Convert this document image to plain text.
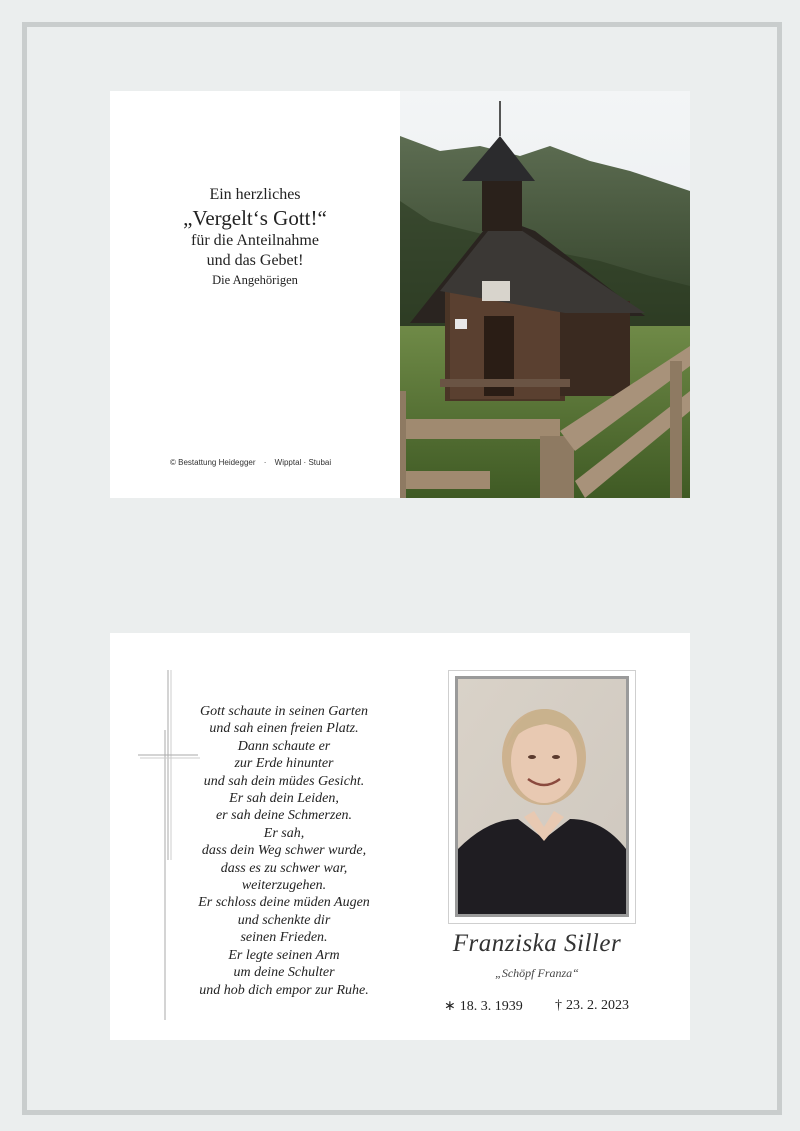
Ein herzliches
„Vergelt‘s Gott!“
für die Anteilnahme
und das Gebet!
Die Angehörigen
© Bestattung Heidegger · Wipptal · Stubai
Gott schaute in seinen Garten
und sah einen freien Platz.
Dann schaute er
zur Erde hinunter
und sah dein müdes Gesicht.
Er sah dein Leiden,
er sah deine Schmerzen.
Er sah,
dass dein Weg schwer wurde,
dass es zu schwer war,
weiterzugehen.
Er schloss deine müden Augen
und schenkte dir
seinen Frieden.
Er legte seinen Arm
um deine Schulter
und hob dich empor zur Ruhe.
Franziska Siller
„Schöpf Franza“
∗ 18. 3. 1939 † 23. 2. 2023
